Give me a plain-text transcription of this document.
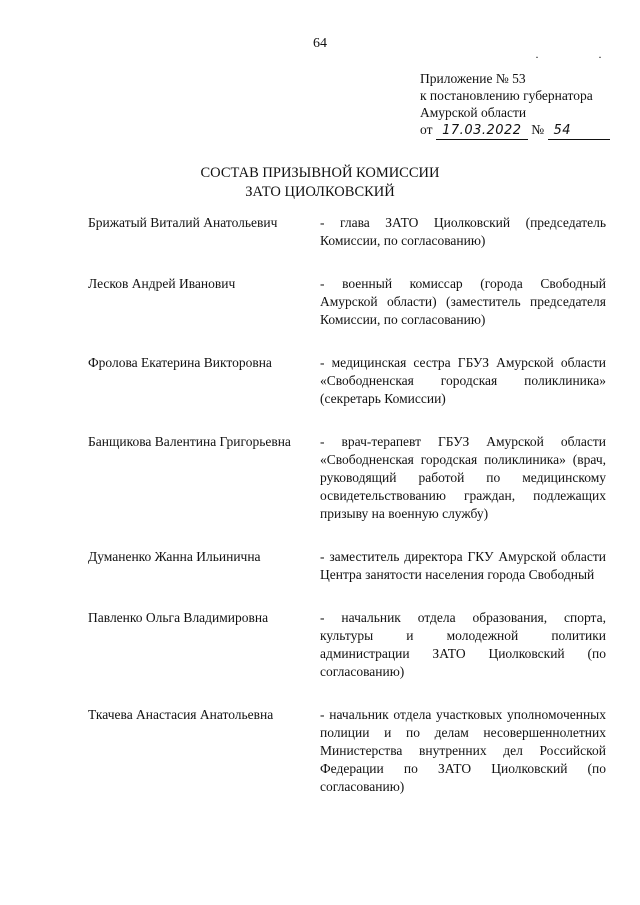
64
· ·
Приложение № 53
к постановлению губернатора
Амурской области
от 17.03.2022 № 54
СОСТАВ ПРИЗЫВНОЙ КОМИССИИ
ЗАТО ЦИОЛКОВСКИЙ
Брижатый Виталий Анатольевич	- глава ЗАТО Циолковский (председатель Комиссии, по согласованию)
Лесков Андрей Иванович	- военный комиссар (города Свободный Амурской области) (заместитель председателя Комиссии, по согласованию)
Фролова Екатерина Викторовна	- медицинская сестра ГБУЗ Амурской области «Свободненская городская поликлиника» (секретарь Комиссии)
Банщикова Валентина Григорьевна	- врач-терапевт ГБУЗ Амурской области «Свободненская городская поликлиника» (врач, руководящий работой по медицинскому освидетельствованию граждан, подлежащих призыву на военную службу)
Думаненко Жанна Ильинична	- заместитель директора ГКУ Амурской области Центра занятости населения города Свободный
Павленко Ольга Владимировна	- начальник отдела образования, спорта, культуры и молодежной политики администрации ЗАТО Циолковский (по согласованию)
Ткачева Анастасия Анатольевна	- начальник отдела участковых уполномоченных полиции и по делам несовершеннолетних Министерства внутренних дел Российской Федерации по ЗАТО Циолковский (по согласованию)
